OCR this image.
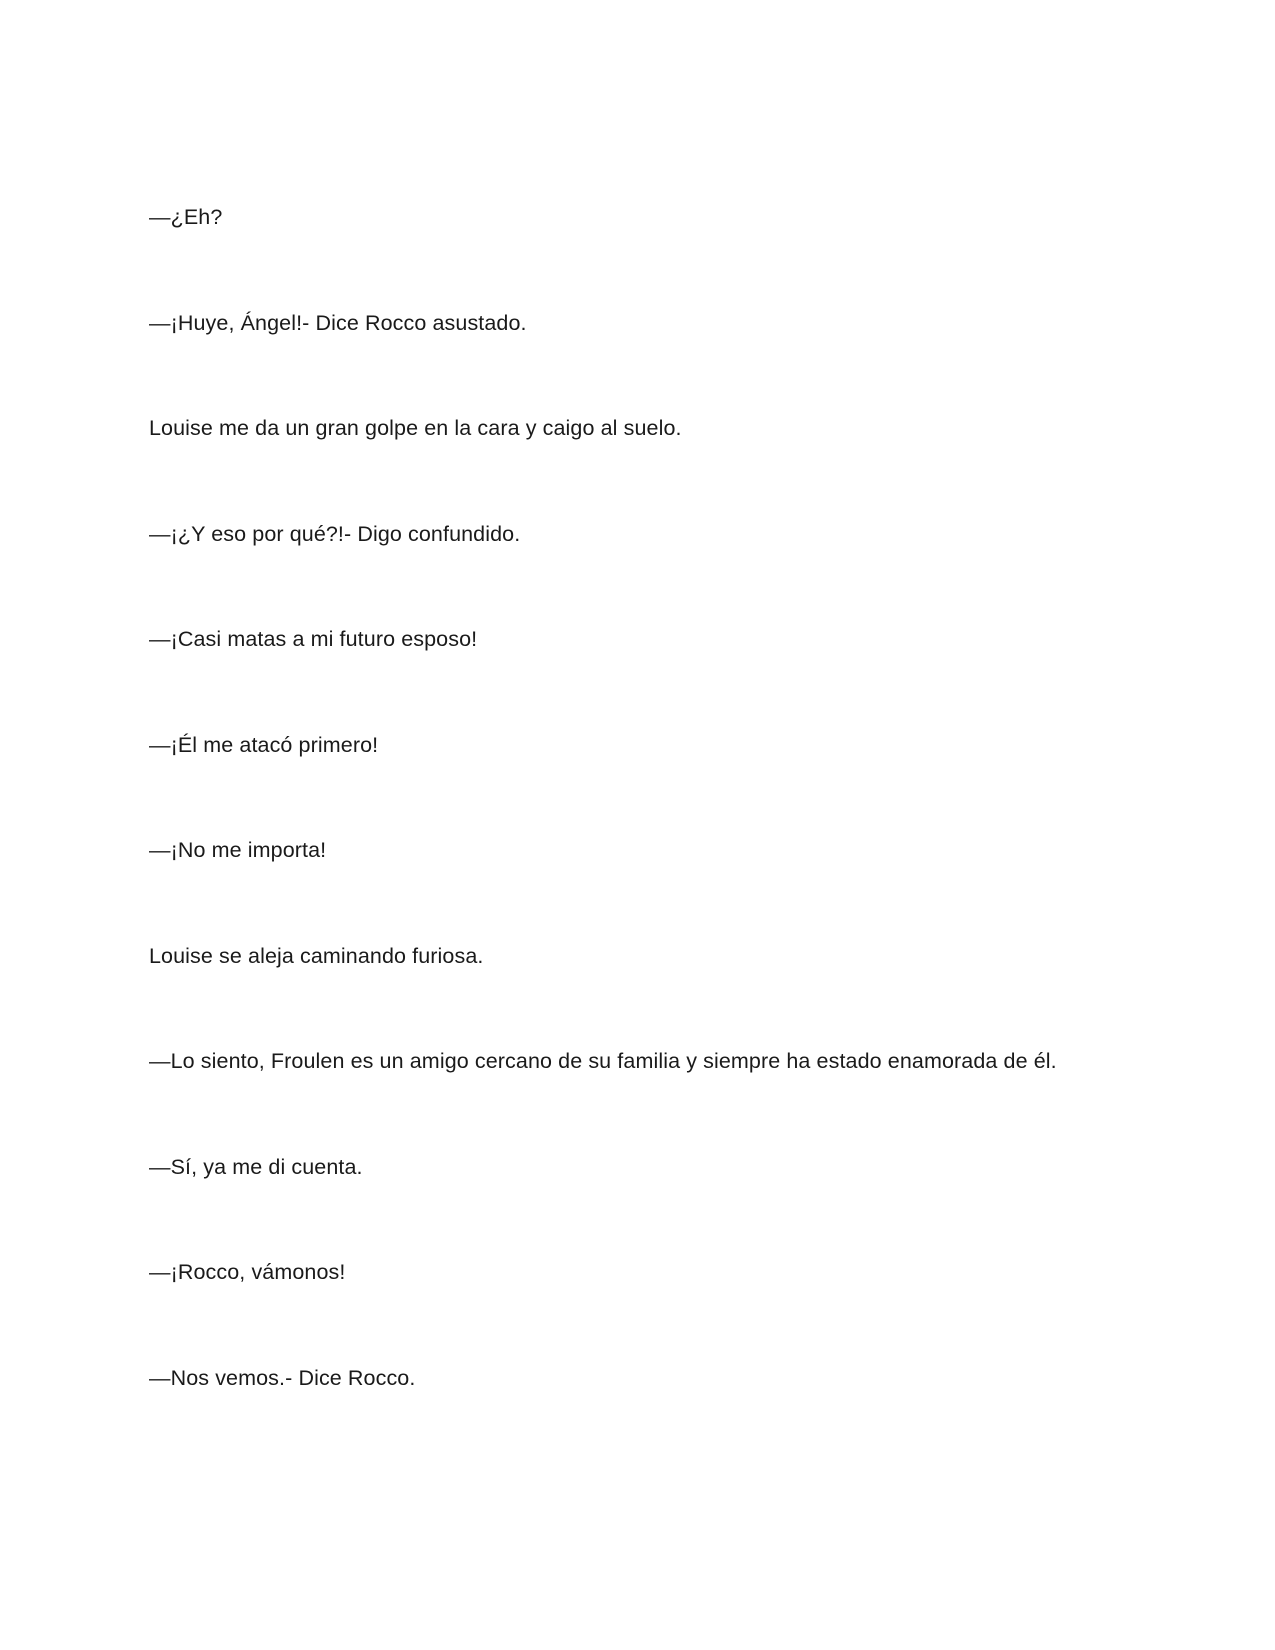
—¿Eh?

—¡Huye, Ángel!- Dice Rocco asustado.

Louise me da un gran golpe en la cara y caigo al suelo.

—¡¿Y eso por qué?!- Digo confundido.

—¡Casi matas a mi futuro esposo!

—¡Él me atacó primero!

—¡No me importa!

Louise se aleja caminando furiosa.

—Lo siento, Froulen es un amigo cercano de su familia y siempre ha estado enamorada de él.

—Sí, ya me di cuenta.

—¡Rocco, vámonos!

—Nos vemos.- Dice Rocco.
